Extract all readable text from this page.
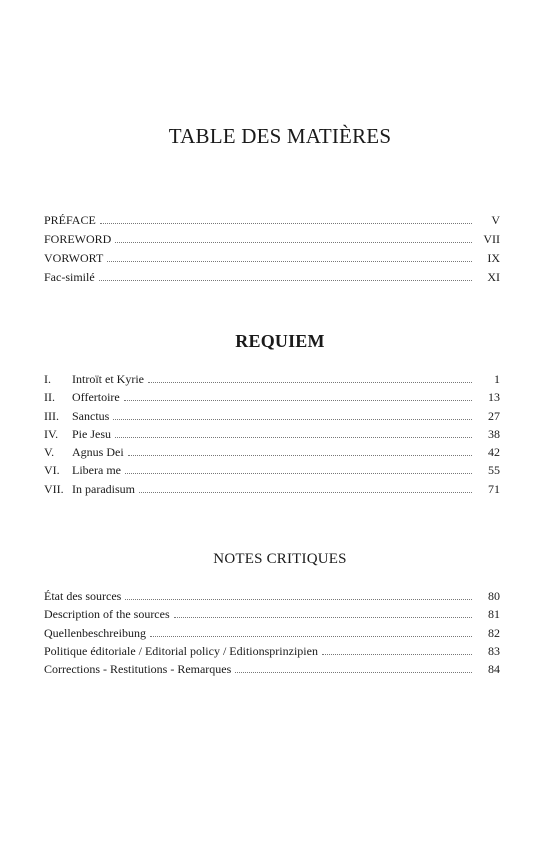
TABLE DES MATIÈRES
PRÉFACE	V
FOREWORD	VII
VORWORT	IX
Fac-similé	XI
REQUIEM
I.	Introït et Kyrie	1
II.	Offertoire	13
III.	Sanctus	27
IV.	Pie Jesu	38
V.	Agnus Dei	42
VI.	Libera me	55
VII. In paradisum	71
NOTES CRITIQUES
État des sources	80
Description of the sources	81
Quellenbeschreibung	82
Politique éditoriale / Editorial policy / Editionsprinzipien	83
Corrections - Restitutions - Remarques	84
